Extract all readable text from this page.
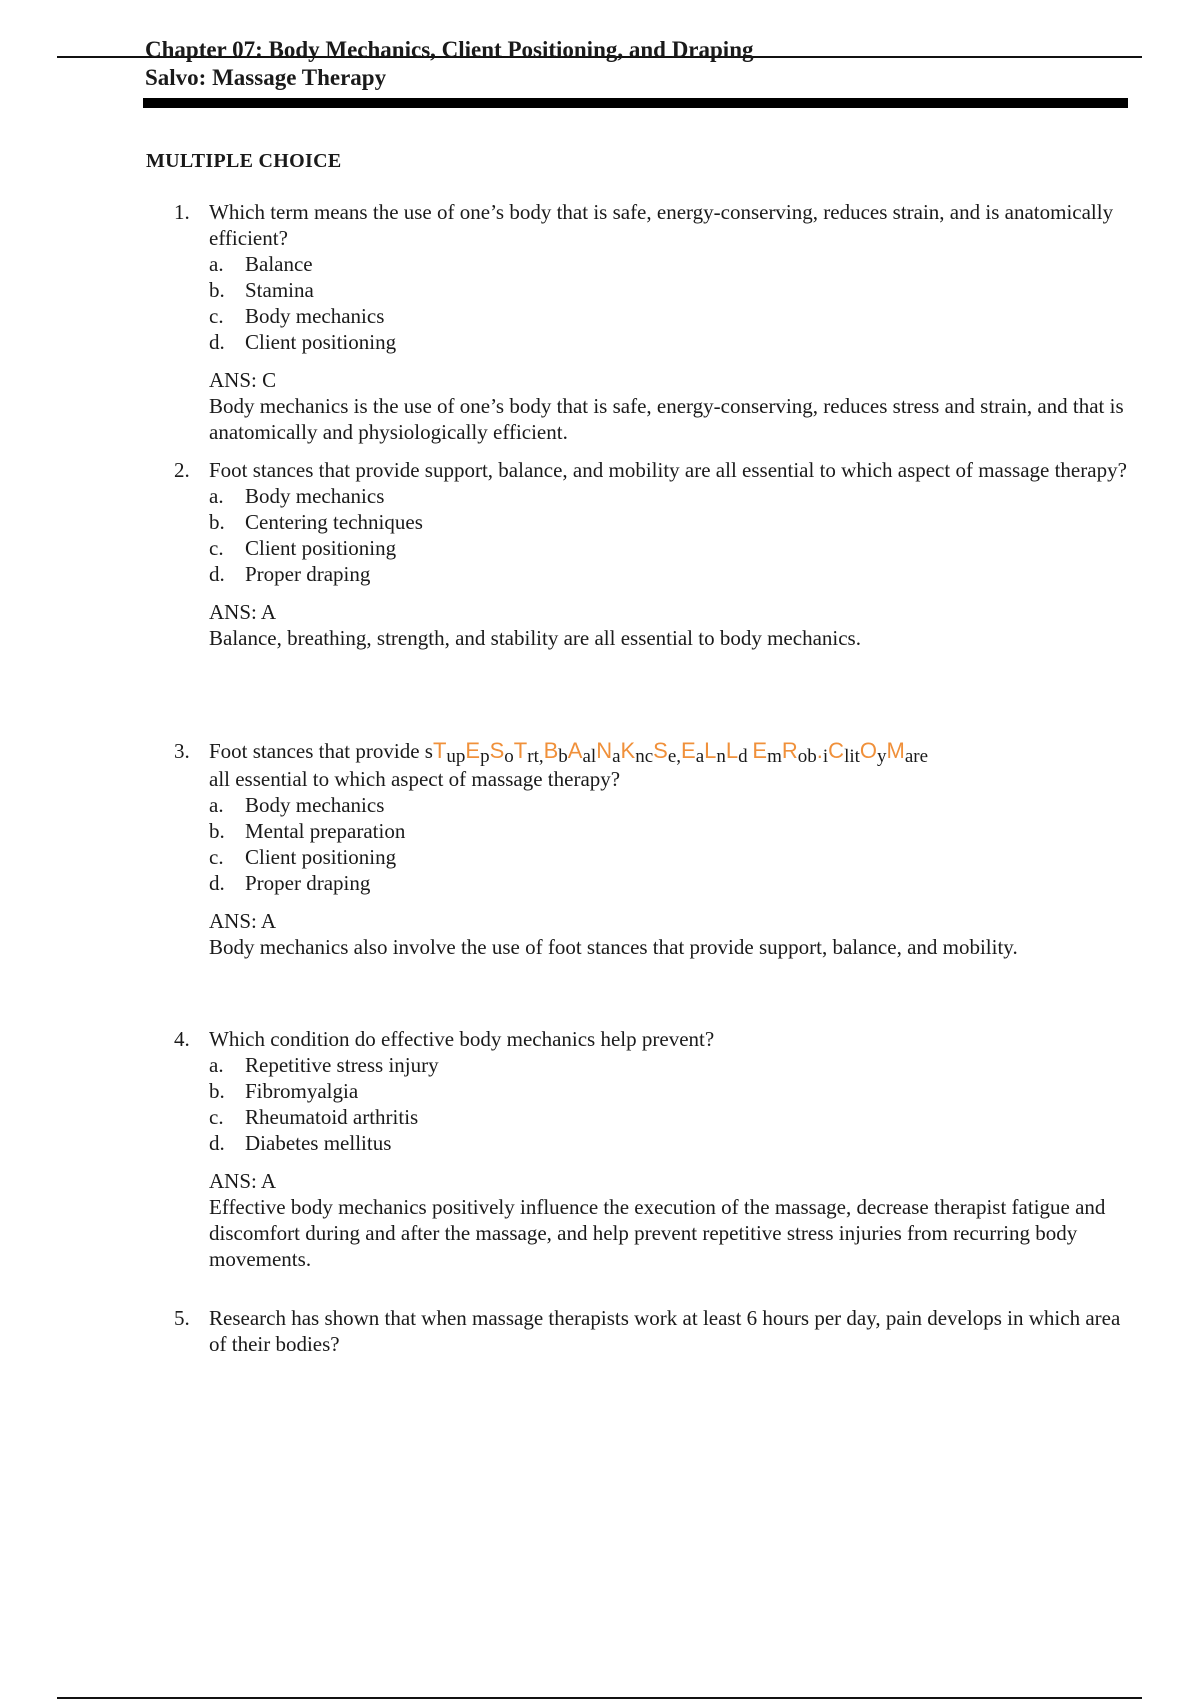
Chapter 07: Body Mechanics, Client Positioning, and Draping
Salvo: Massage Therapy
MULTIPLE CHOICE
1. Which term means the use of one’s body that is safe, energy-conserving, reduces strain, and is anatomically efficient?
a. Balance
b. Stamina
c. Body mechanics
d. Client positioning
ANS: C
Body mechanics is the use of one’s body that is safe, energy-conserving, reduces stress and strain, and that is anatomically and physiologically efficient.
2. Foot stances that provide support, balance, and mobility are all essential to which aspect of massage therapy?
a. Body mechanics
b. Centering techniques
c. Client positioning
d. Proper draping
ANS: A
Balance, breathing, strength, and stability are all essential to body mechanics.
3. Foot stances that provide sTupEpSoTrt,BbAalNaKncSe,EaLnLd EmRob.iClitOyMare
all essential to which aspect of massage therapy?
a. Body mechanics
b. Mental preparation
c. Client positioning
d. Proper draping
ANS: A
Body mechanics also involve the use of foot stances that provide support, balance, and mobility.
4. Which condition do effective body mechanics help prevent?
a. Repetitive stress injury
b. Fibromyalgia
c. Rheumatoid arthritis
d. Diabetes mellitus
ANS: A
Effective body mechanics positively influence the execution of the massage, decrease therapist fatigue and discomfort during and after the massage, and help prevent repetitive stress injuries from recurring body movements.
5. Research has shown that when massage therapists work at least 6 hours per day, pain develops in which area of their bodies?
